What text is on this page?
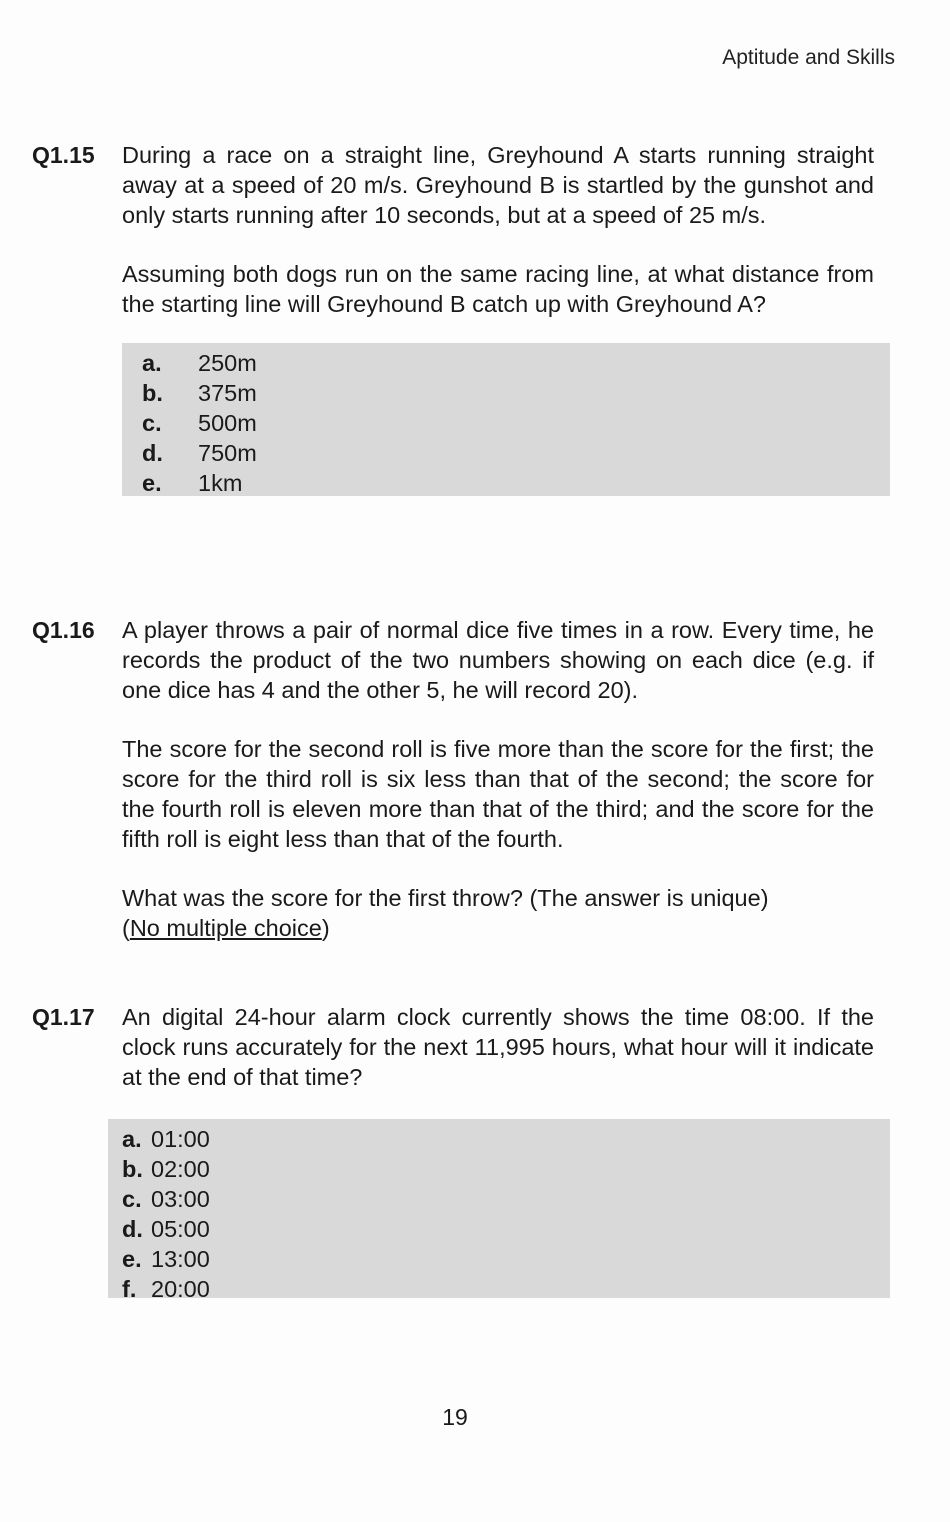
Aptitude and Skills
Q1.15 During a race on a straight line, Greyhound A starts running straight away at a speed of 20 m/s. Greyhound B is startled by the gunshot and only starts running after 10 seconds, but at a speed of 25 m/s.

Assuming both dogs run on the same racing line, at what distance from the starting line will Greyhound B catch up with Greyhound A?

a.	250m
b.	375m
c.	500m
d.	750m
e.	1km
Q1.16 A player throws a pair of normal dice five times in a row. Every time, he records the product of the two numbers showing on each dice (e.g. if one dice has 4 and the other 5, he will record 20).

The score for the second roll is five more than the score for the first; the score for the third roll is six less than that of the second; the score for the fourth roll is eleven more than that of the third; and the score for the fifth roll is eight less than that of the fourth.

What was the score for the first throw? (The answer is unique)
(No multiple choice)

Q1.17 An digital 24-hour alarm clock currently shows the time 08:00. If the clock runs accurately for the next 11,995 hours, what hour will it indicate at the end of that time?

a. 01:00
b. 02:00
c. 03:00
d. 05:00
e. 13:00
f. 20:00
19
